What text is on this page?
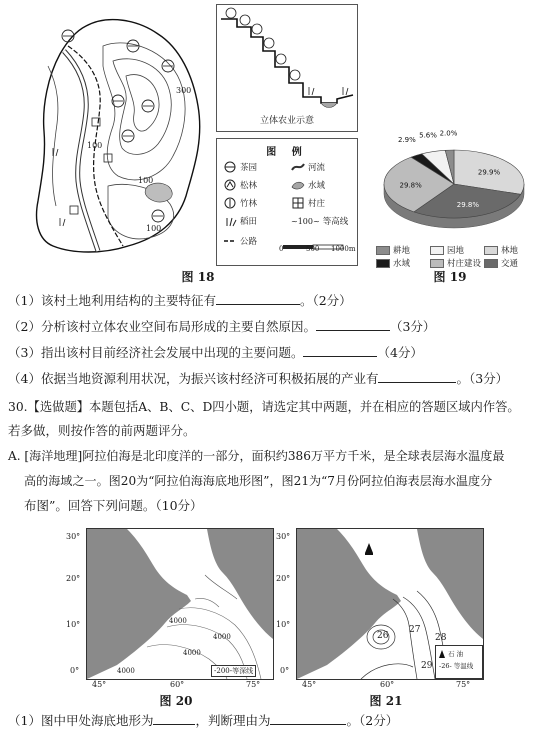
300
100
100
100
图 18
立体农业示意
图 例
茶园	河流
松林	水域
竹林	村庄
稻田	~100~ 等高线
公路
0	500 1000m
29.9%
29.8%
29.8%
2.9%
5.6% 2.0%
耕地	园地	林地
水域	村庄建设 交通
图 19
（1）该村土地利用结构的主要特征有	。（2分）
（2）分析该村立体农业空间布局形成的主要自然原因。	（3分）
（3）指出该村目前经济社会发展中出现的主要问题。	（4分）
（4）依据当地资源利用状况，为振兴该村经济可积极拓展的产业有	。（3分）
30.【选做题】本题包括A、B、C、D四小题，请选定其中两题，并在相应的答题区域内作答。
若多做，则按作答的前两题评分。
A. [海洋地理]阿拉伯海是北印度洋的一部分，面积约386万平方千米，是全球表层海水温度最
高的海域之一。图20为“阿拉伯海海底地形图”，图21为“7月份阿拉伯海表层海水温度分
布图”。回答下列问题。（10分）
30°
20°
10°
0°
4000
4000
4000
4000	-200-等深线
45°	60°	75°
图 20
30°
20°
10°
0°
27
28
26
29
石 油
-26- 等温线
45°	60°	75°
图 21
（1）图中甲处海底地形为	，判断理由为	。（2分）
